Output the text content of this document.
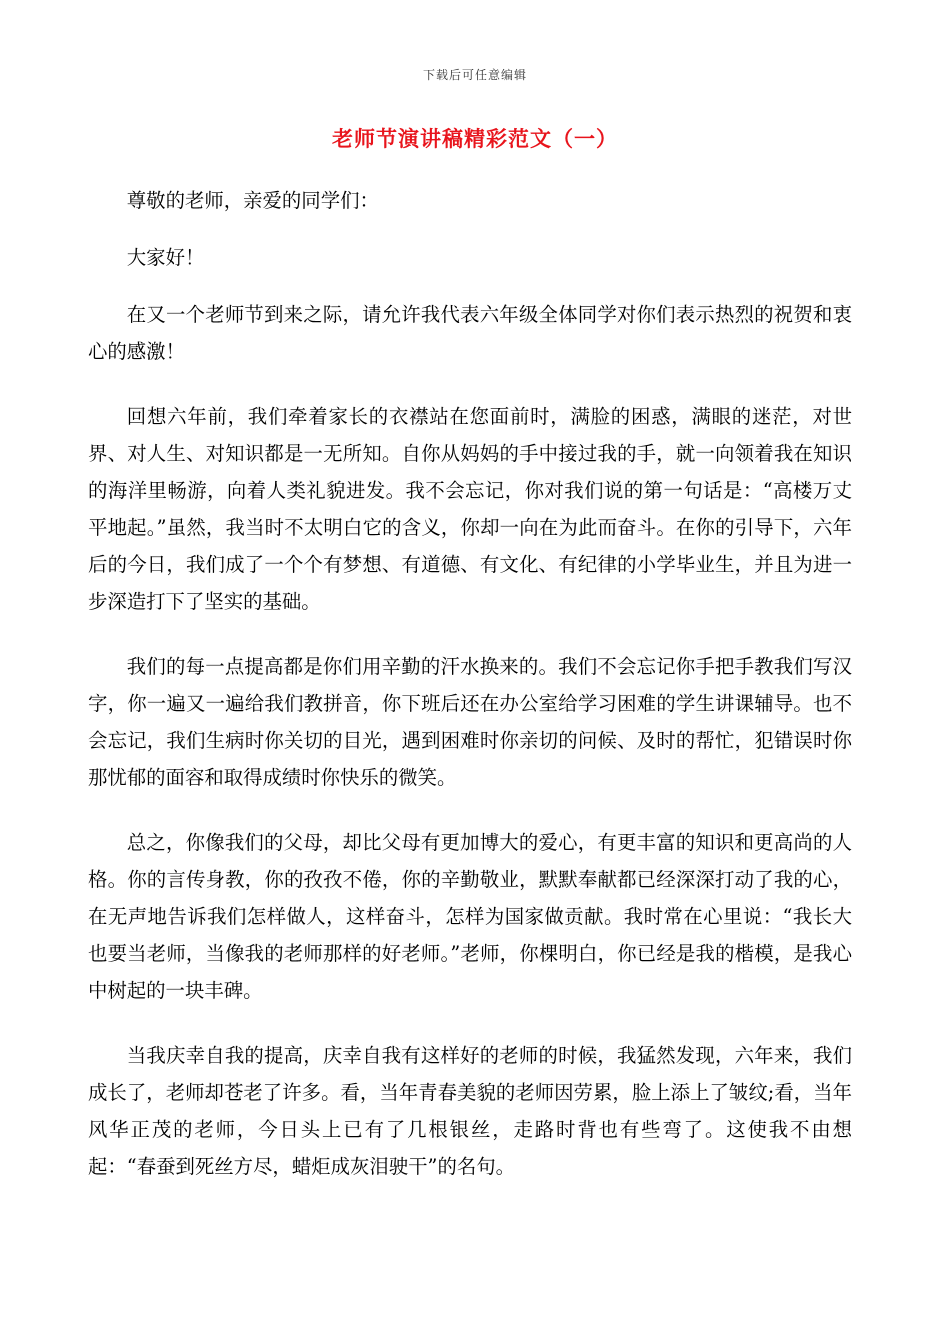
下载后可任意编辑
老师节演讲稿精彩范文（一）

尊敬的老师，亲爱的同学们：

大家好！

在又一个老师节到来之际，请允许我代表六年级全体同学对你们表示热烈的祝贺和衷心的感激！

回想六年前，我们牵着家长的衣襟站在您面前时，满脸的困惑，满眼的迷茫，对世界、对人生、对知识都是一无所知。自你从妈妈的手中接过我的手，就一向领着我在知识的海洋里畅游，向着人类礼貌进发。我不会忘记，你对我们说的第一句话是：“高楼万丈平地起。”虽然，我当时不太明白它的含义，你却一向在为此而奋斗。在你的引导下，六年后的今日，我们成了一个个有梦想、有道德、有文化、有纪律的小学毕业生，并且为进一步深造打下了坚实的基础。

我们的每一点提高都是你们用辛勤的汗水换来的。我们不会忘记你手把手教我们写汉字，你一遍又一遍给我们教拼音，你下班后还在办公室给学习困难的学生讲课辅导。也不会忘记，我们生病时你关切的目光，遇到困难时你亲切的问候、及时的帮忙，犯错误时你那忧郁的面容和取得成绩时你快乐的微笑。

总之，你像我们的父母，却比父母有更加博大的爱心，有更丰富的知识和更高尚的人格。你的言传身教，你的孜孜不倦，你的辛勤敬业，默默奉献都已经深深打动了我的心，在无声地告诉我们怎样做人，这样奋斗，怎样为国家做贡献。我时常在心里说：“我长大也要当老师，当像我的老师那样的好老师。”老师，你棵明白，你已经是我的楷模，是我心中树起的一块丰碑。

当我庆幸自我的提高，庆幸自我有这样好的老师的时候，我猛然发现，六年来，我们成长了，老师却苍老了许多。看，当年青春美貌的老师因劳累，脸上添上了皱纹;看，当年风华正茂的老师，今日头上已有了几根银丝，走路时背也有些弯了。这使我不由想起：“春蚕到死丝方尽，蜡炬成灰泪驶干”的名句。
